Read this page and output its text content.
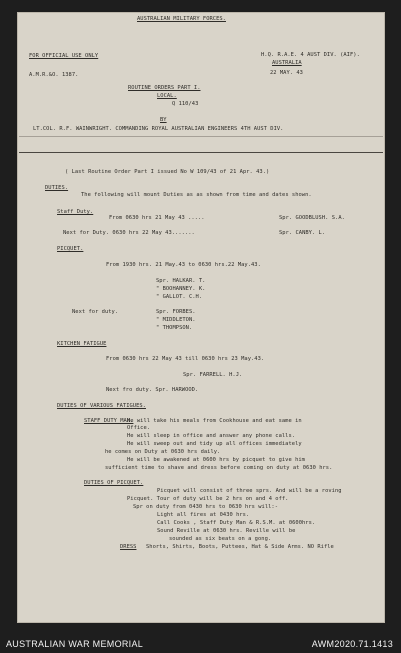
AUSTRALIAN MILITARY FORCES.
FOR OFFICIAL USE ONLY
A.M.R.&O. 1387.
H.Q. R.A.E. 4 AUST DIV. (AIF).
AUSTRALIA
22 MAY. 43
ROUTINE ORDERS PART I.
LOCAL.
Q 110/43
BY
LT.COL. R.F. WAINWRIGHT. COMMANDING ROYAL AUSTRALIAN ENGINEERS 4TH AUST DIV.
( Last Routine Order Part I issued No W 109/43 of 21 Apr. 43.)
DUTIES.
The following will mount Duties as as shown from time and dates shown.
Staff Duty.
From 0630 hrs 21 May 43 .....	Spr. GOODBLUSH. S.A.
Next for Duty. 0630 hrs 22 May 43.......	Spr. CANBY. L.
PICQUET.
From 1930 hrs. 21 May.43 to 0630 hrs.22 May.43.
Spr. HALKAR. T.
" BOOHANNEY. K.
" GALLOT. C.H.
Next for duty.	Spr. FORBES.
" MIDDLETON.
" THOMPSON.
KITCHEN FATIGUE
From 0630 hrs 22 May 43 till 0630 hrs 23 May.43.
Spr. FARRELL. H.J.
Next fro duty. Spr. HARWOOD.
DUTIES OF VARIOUS FATIGUES.
STAFF DUTY MAN.
He will take his meals from Cookhouse and eat same in
Office.
He will sleep in office and answer any phone calls.
He will sweep out and tidy up all offices immediately
he comes on Duty at 0630 hrs daily.
He will be awakened at 0600 hrs by picquet to give him
sufficient time to shave and dress before coming on duty at 0630 hrs.
DUTIES OF PICQUET.
Picquet will consist of three sprs. And will be a roving
Picquet. Tour of duty will be 2 hrs on and 4 off.
Spr on duty from 0430 hrs to 0630 hrs will:-
Light all fires at 0430 hrs.
Call Cooks , Staff Duty Man & R.S.M. at 0600hrs.
Sound Reville at 0630 hrs. Reville will be
sounded as six beats on a gong.
DRESS Shorts, Shirts, Boots, Puttees, Hat & Side Arms. NO Rifle
AUSTRALIAN WAR MEMORIAL	AWM2020.71.1413
